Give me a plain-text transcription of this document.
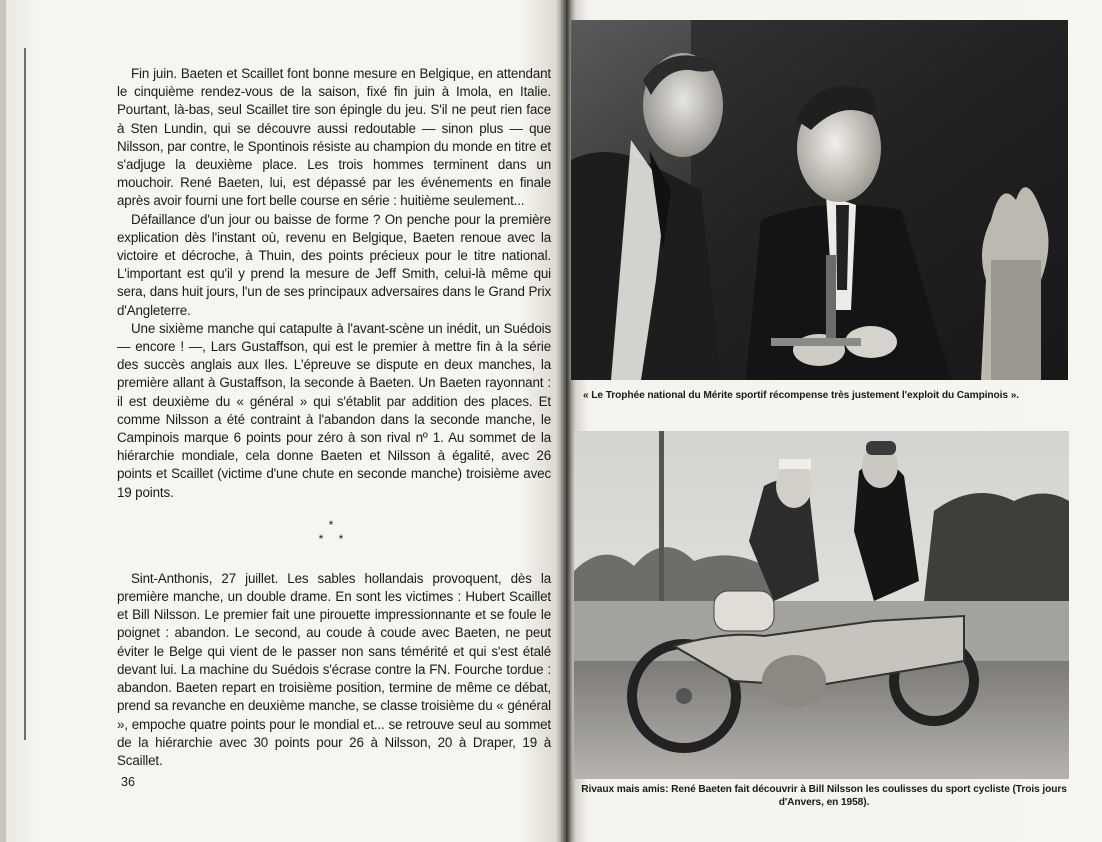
Fin juin. Baeten et Scaillet font bonne mesure en Belgique, en attendant le cinquième rendez-vous de la saison, fixé fin juin à Imola, en Italie. Pourtant, là-bas, seul Scaillet tire son épingle du jeu. S'il ne peut rien face à Sten Lundin, qui se découvre aussi redoutable — sinon plus — que Nilsson, par contre, le Spontinois résiste au champion du monde en titre et s'adjuge la deuxième place. Les trois hommes terminent dans un mouchoir. René Baeten, lui, est dépassé par les événements en finale après avoir fourni une fort belle course en série : huitième seulement...

Défaillance d'un jour ou baisse de forme ? On penche pour la première explication dès l'instant où, revenu en Belgique, Baeten renoue avec la victoire et décroche, à Thuin, des points précieux pour le titre national. L'important est qu'il y prend la mesure de Jeff Smith, celui-là même qui sera, dans huit jours, l'un de ses principaux adversaires dans le Grand Prix d'Angleterre.

Une sixième manche qui catapulte à l'avant-scène un inédit, un Suédois — encore ! —, Lars Gustaffson, qui est le premier à mettre fin à la série des succès anglais aux Iles. L'épreuve se dispute en deux manches, la première allant à Gustaffson, la seconde à Baeten. Un Baeten rayonnant : il est deuxième du « général » qui s'établit par addition des places. Et comme Nilsson a été contraint à l'abandon dans la seconde manche, le Campinois marque 6 points pour zéro à son rival nº 1. Au sommet de la hiérarchie mondiale, cela donne Baeten et Nilsson à égalité, avec 26 points et Scaillet (victime d'une chute en seconde manche) troisième avec 19 points.

*
* *

Sint-Anthonis, 27 juillet. Les sables hollandais provoquent, dès la première manche, un double drame. En sont les victimes : Hubert Scaillet et Bill Nilsson. Le premier fait une pirouette impressionnante et se foule le poignet : abandon. Le second, au coude à coude avec Baeten, ne peut éviter le Belge qui vient de le passer non sans témérité et qui s'est étalé devant lui. La machine du Suédois s'écrase contre la FN. Fourche tordue : abandon. Baeten repart en troisième position, termine de même ce débat, prend sa revanche en deuxième manche, se classe troisième du « général », empoche quatre points pour le mondial et... se retrouve seul au sommet de la hiérarchie avec 30 points pour 26 à Nilsson, 20 à Draper, 19 à Scaillet.

36
« Le Trophée national du Mérite sportif récompense très justement l'exploit du Campinois ».
Rivaux mais amis: René Baeten fait découvrir à Bill Nilsson les coulisses du sport cycliste (Trois jours d'Anvers, en 1958).
